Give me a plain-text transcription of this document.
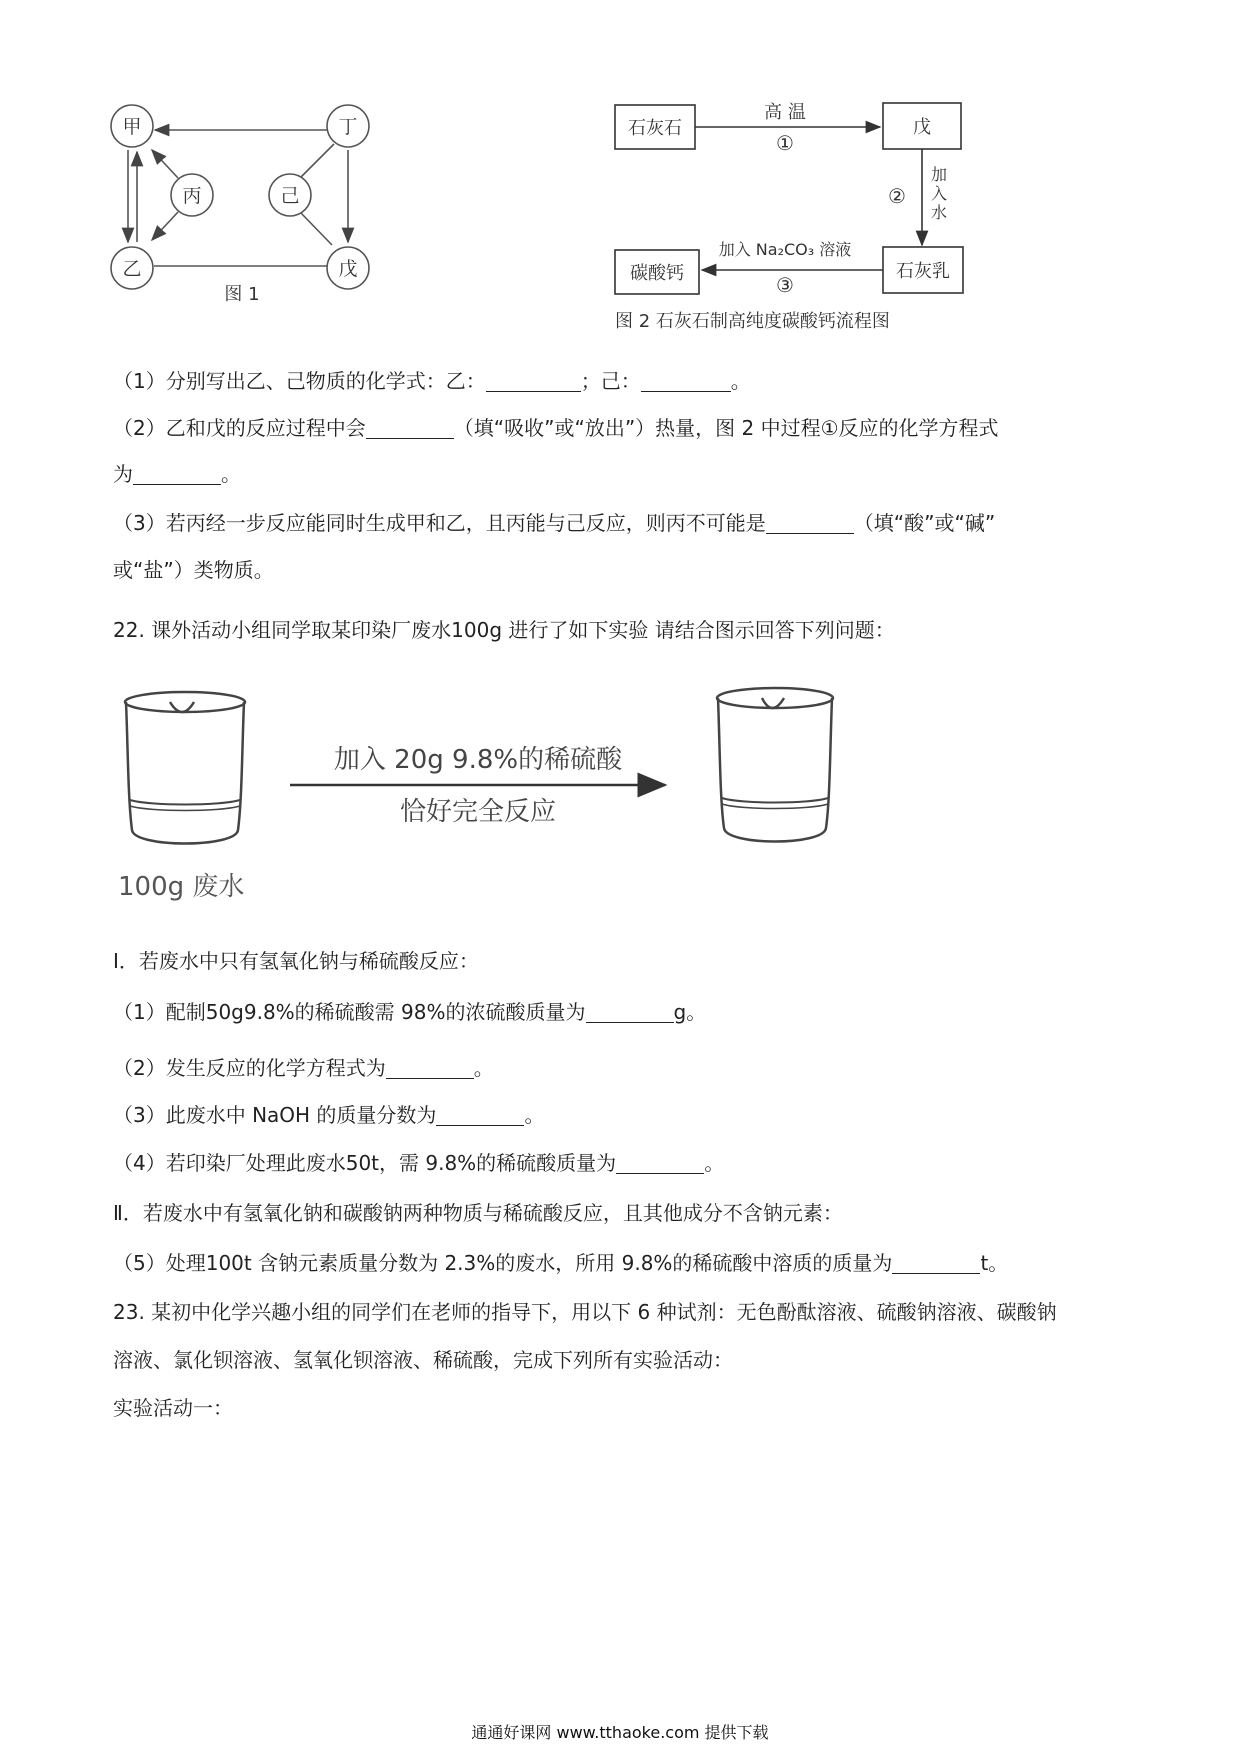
甲	丁
丙	己
乙	戊
图 1
石灰石	戊
碳酸钙	石灰乳
高 温
①
②
加入 Na₂CO₃ 溶液
③
加
入
水
图 2 石灰石制高纯度碳酸钙流程图
（1）分别写出乙、己物质的化学式：乙：	；己：	。
（2）乙和戊的反应过程中会	（填“吸收”或“放出”）热量，图 2 中过程①反应的化学方程式
为	。
（3）若丙经一步反应能同时生成甲和乙，且丙能与己反应，则丙不可能是	（填“酸”或“碱”
或“盐”）类物质。
22. 课外活动小组同学取某印染厂废水100g 进行了如下实验 请结合图示回答下列问题：
100g 废水
加入 20g 9.8%的稀硫酸
恰好完全反应
Ⅰ．若废水中只有氢氧化钠与稀硫酸反应：
（1）配制50g9.8%的稀硫酸需 98%的浓硫酸质量为	g。
（2）发生反应的化学方程式为	。
（3）此废水中 NaOH 的质量分数为	。
（4）若印染厂处理此废水50t，需 9.8%的稀硫酸质量为	。
Ⅱ．若废水中有氢氧化钠和碳酸钠两种物质与稀硫酸反应，且其他成分不含钠元素：
（5）处理100t 含钠元素质量分数为 2.3%的废水，所用 9.8%的稀硫酸中溶质的质量为	t。
23. 某初中化学兴趣小组的同学们在老师的指导下，用以下 6 种试剂：无色酚酞溶液、硫酸钠溶液、碳酸钠
溶液、氯化钡溶液、氢氧化钡溶液、稀硫酸，完成下列所有实验活动：
实验活动一：
通通好课网 www.tthaoke.com 提供下载
